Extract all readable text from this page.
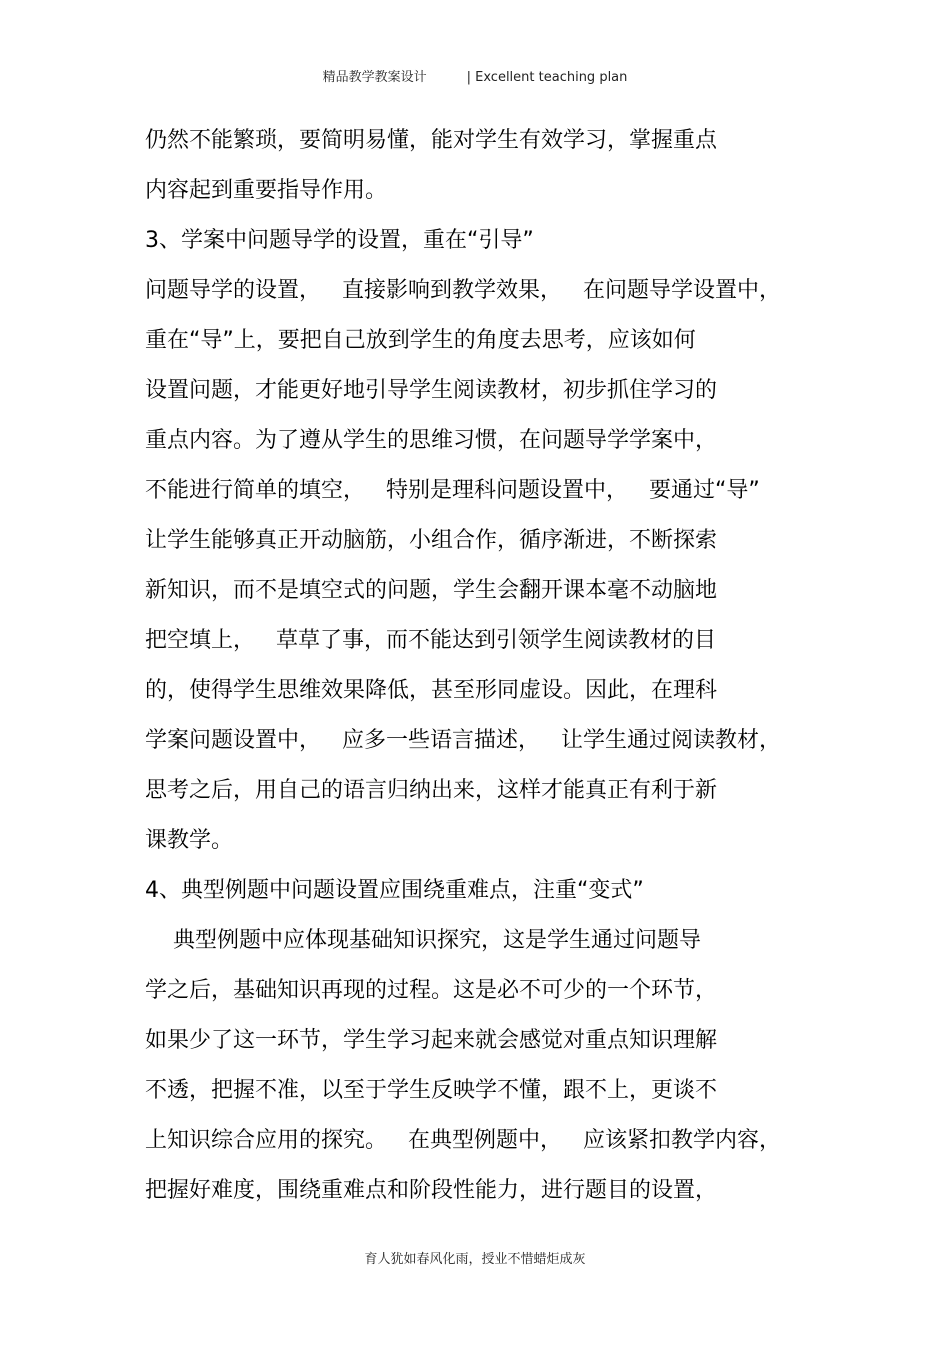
精品教学教案设计	| Excellent teaching plan
仍然不能繁琐，要简明易懂，能对学生有效学习，掌握重点
内容起到重要指导作用。
3、学案中问题导学的设置，重在“引导”
问题导学的设置，   直接影响到教学效果，   在问题导学设置中，
重在“导”上，要把自己放到学生的角度去思考，应该如何
设置问题，才能更好地引导学生阅读教材，初步抓住学习的
重点内容。为了遵从学生的思维习惯，在问题导学学案中，
不能进行简单的填空，   特别是理科问题设置中，   要通过“导”
让学生能够真正开动脑筋，小组合作，循序渐进，不断探索
新知识，而不是填空式的问题，学生会翻开课本毫不动脑地
把空填上，   草草了事，而不能达到引领学生阅读教材的目
的，使得学生思维效果降低，甚至形同虚设。因此，在理科
学案问题设置中，   应多一些语言描述，   让学生通过阅读教材，
思考之后，用自己的语言归纳出来，这样才能真正有利于新
课教学。
4、典型例题中问题设置应围绕重难点，注重“变式”
典型例题中应体现基础知识探究，这是学生通过问题导
学之后，基础知识再现的过程。这是必不可少的一个环节，
如果少了这一环节，学生学习起来就会感觉对重点知识理解
不透，把握不准，以至于学生反映学不懂，跟不上，更谈不
上知识综合应用的探究。   在典型例题中，   应该紧扣教学内容，
把握好难度，围绕重难点和阶段性能力，进行题目的设置，
育人犹如春风化雨，授业不惜蜡炬成灰
